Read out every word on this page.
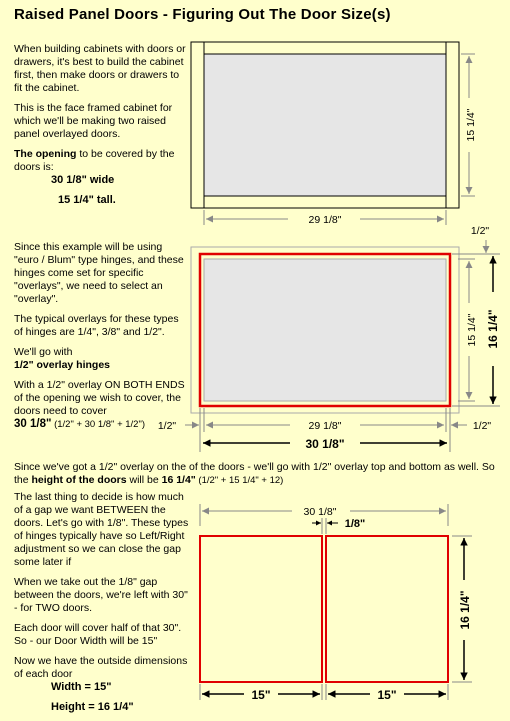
Raised Panel Doors - Figuring Out The Door Size(s)

When building cabinets with doors or drawers, it's best to build the cabinet first, then make doors or drawers to fit the cabinet.

This is the face framed cabinet for which we'll be making two raised panel overlayed doors.

The opening to be covered by the doors is:

30 1/8" wide

15 1/4" tall.

Since this example will be using "euro / Blum" type hinges, and these hinges come set for specific "overlays", we need to select an "overlay".

The typical overlays for these types of hinges are 1/4", 3/8" and 1/2".

We'll go with
1/2" overlay hinges

With a 1/2" overlay ON BOTH ENDS of the opening we wish to cover, the doors need to cover
30 1/8" (1/2" + 30 1/8" + 1/2")

Since we've got a 1/2" overlay on the of the doors - we'll go with 1/2" overlay top and bottom as well. So the height of the doors will be 16 1/4" (1/2" + 15 1/4" + 12)

The last thing to decide is how much of a gap we want BETWEEN the doors. Let's go with 1/8". These types of hinges typically have so Left/Right adjustment so we can close the gap some later if

When we take out the 1/8" gap between the doors, we're left with 30" - for TWO doors.

Each door will cover half of that 30". So - our Door Width will be 15"

Now we have the outside dimensions of each door

Width = 15"

Height = 16 1/4"

29 1/8"
15 1/4"
1/2"
15 1/4" 16 1/4"
1/2"	1/2"
29 1/8"
30 1/8"
30 1/8"
1/8"
16 1/4"
15"	15"
